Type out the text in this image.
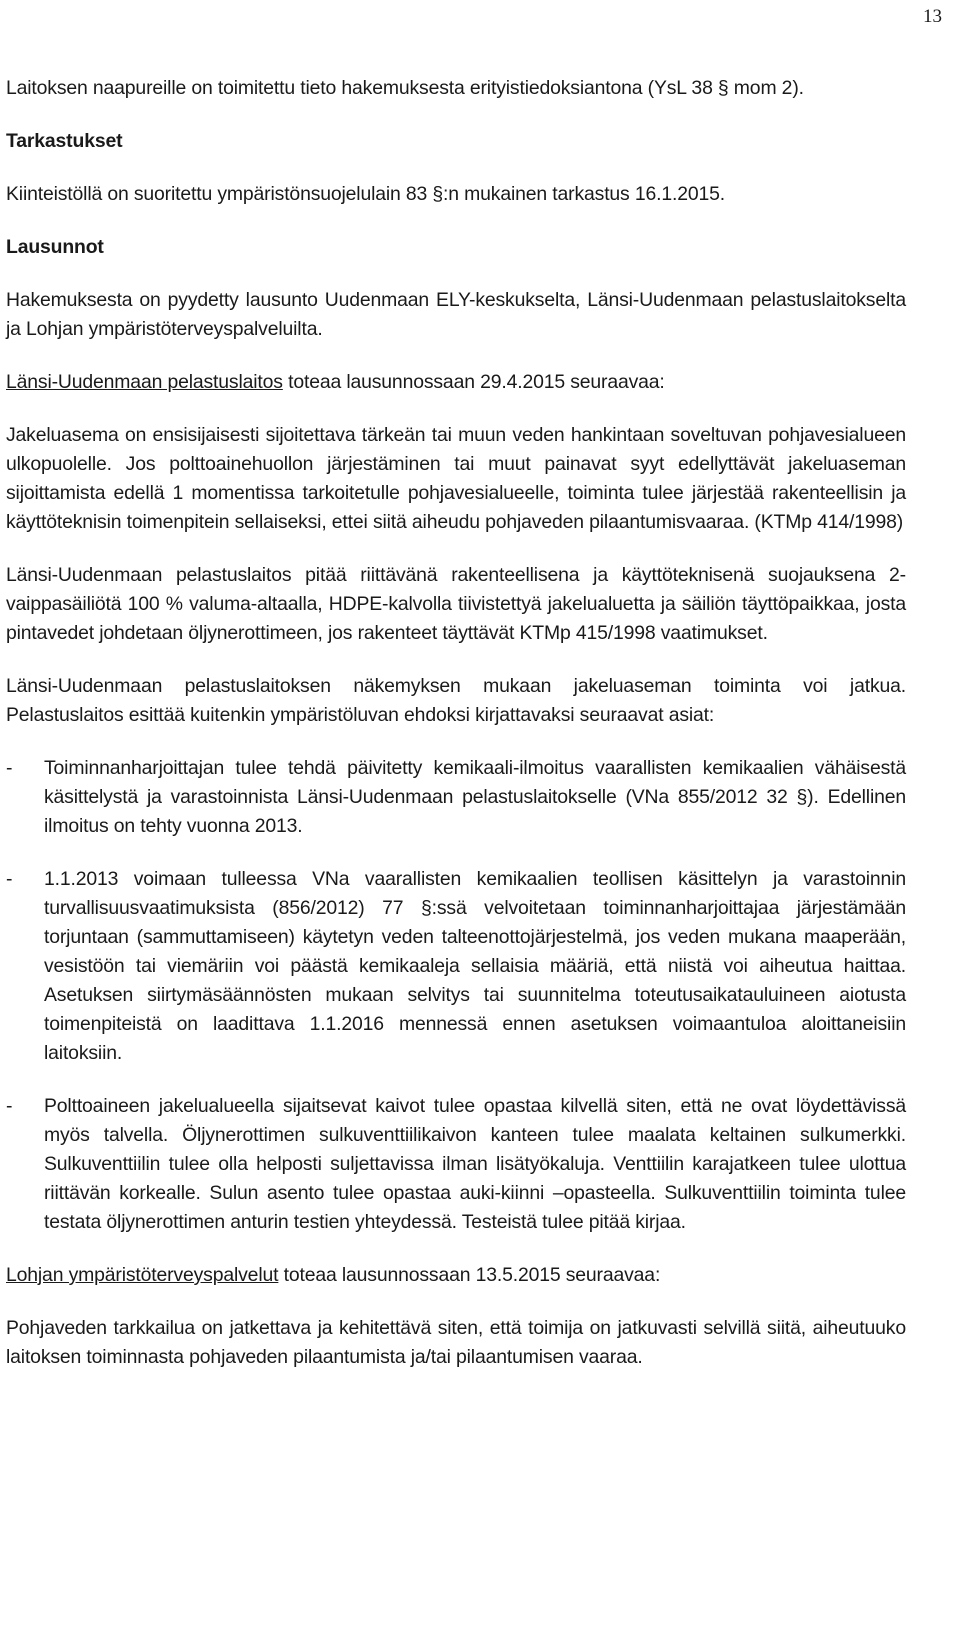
13

Laitoksen naapureille on toimitettu tieto hakemuksesta erityistiedoksiantona (YsL 38 § mom 2).

Tarkastukset

Kiinteistöllä on suoritettu ympäristönsuojelulain 83 §:n mukainen tarkastus 16.1.2015.

Lausunnot

Hakemuksesta on pyydetty lausunto Uudenmaan ELY-keskukselta, Länsi-Uudenmaan pelastuslaitokselta ja Lohjan ympäristöterveyspalveluilta.

Länsi-Uudenmaan pelastuslaitos toteaa lausunnossaan 29.4.2015 seuraavaa:

Jakeluasema on ensisijaisesti sijoitettava tärkeän tai muun veden hankintaan soveltuvan pohjavesialueen ulkopuolelle. Jos polttoainehuollon järjestäminen tai muut painavat syyt edellyttävät jakeluaseman sijoittamista edellä 1 momentissa tarkoitetulle pohjavesialueelle, toiminta tulee järjestää rakenteellisin ja käyttöteknisin toimenpitein sellaiseksi, ettei siitä aiheudu pohjaveden pilaantumisvaaraa. (KTMp 414/1998)

Länsi-Uudenmaan pelastuslaitos pitää riittävänä rakenteellisena ja käyttöteknisenä suojauksena 2-vaippasäiliötä 100 % valuma-altaalla, HDPE-kalvolla tiivistettyä jakelualuetta ja säiliön täyttöpaikkaa, josta pintavedet johdetaan öljynerottimeen, jos rakenteet täyttävät KTMp 415/1998 vaatimukset.

Länsi-Uudenmaan pelastuslaitoksen näkemyksen mukaan jakeluaseman toiminta voi jatkua. Pelastuslaitos esittää kuitenkin ympäristöluvan ehdoksi kirjattavaksi seuraavat asiat:

-	Toiminnanharjoittajan tulee tehdä päivitetty kemikaali-ilmoitus vaarallisten kemikaalien vähäisestä käsittelystä ja varastoinnista Länsi-Uudenmaan pelastuslaitokselle (VNa 855/2012 32 §). Edellinen ilmoitus on tehty vuonna 2013.
-	1.1.2013 voimaan tulleessa VNa vaarallisten kemikaalien teollisen käsittelyn ja varastoinnin turvallisuusvaatimuksista (856/2012) 77 §:ssä velvoitetaan toiminnanharjoittajaa järjestämään torjuntaan (sammuttamiseen) käytetyn veden talteenottojärjestelmä, jos veden mukana maaperään, vesistöön tai viemäriin voi päästä kemikaaleja sellaisia määriä, että niistä voi aiheutua haittaa. Asetuksen siirtymäsäännösten mukaan selvitys tai suunnitelma toteutusaikatauluineen aiotusta toimenpiteistä on laadittava 1.1.2016 mennessä ennen asetuksen voimaantuloa aloittaneisiin laitoksiin.
-	Polttoaineen jakelualueella sijaitsevat kaivot tulee opastaa kilvellä siten, että ne ovat löydettävissä myös talvella. Öljynerottimen sulkuventtiilikaivon kanteen tulee maalata keltainen sulkumerkki. Sulkuventtiilin tulee olla helposti suljettavissa ilman lisätyökaluja. Venttiilin karajatkeen tulee ulottua riittävän korkealle. Sulun asento tulee opastaa auki-kiinni –opasteella. Sulkuventtiilin toiminta tulee testata öljynerottimen anturin testien yhteydessä. Testeistä tulee pitää kirjaa.

Lohjan ympäristöterveyspalvelut toteaa lausunnossaan 13.5.2015 seuraavaa:

Pohjaveden tarkkailua on jatkettava ja kehitettävä siten, että toimija on jatkuvasti selvillä siitä, aiheutuuko laitoksen toiminnasta pohjaveden pilaantumista ja/tai pilaantumisen vaaraa.
